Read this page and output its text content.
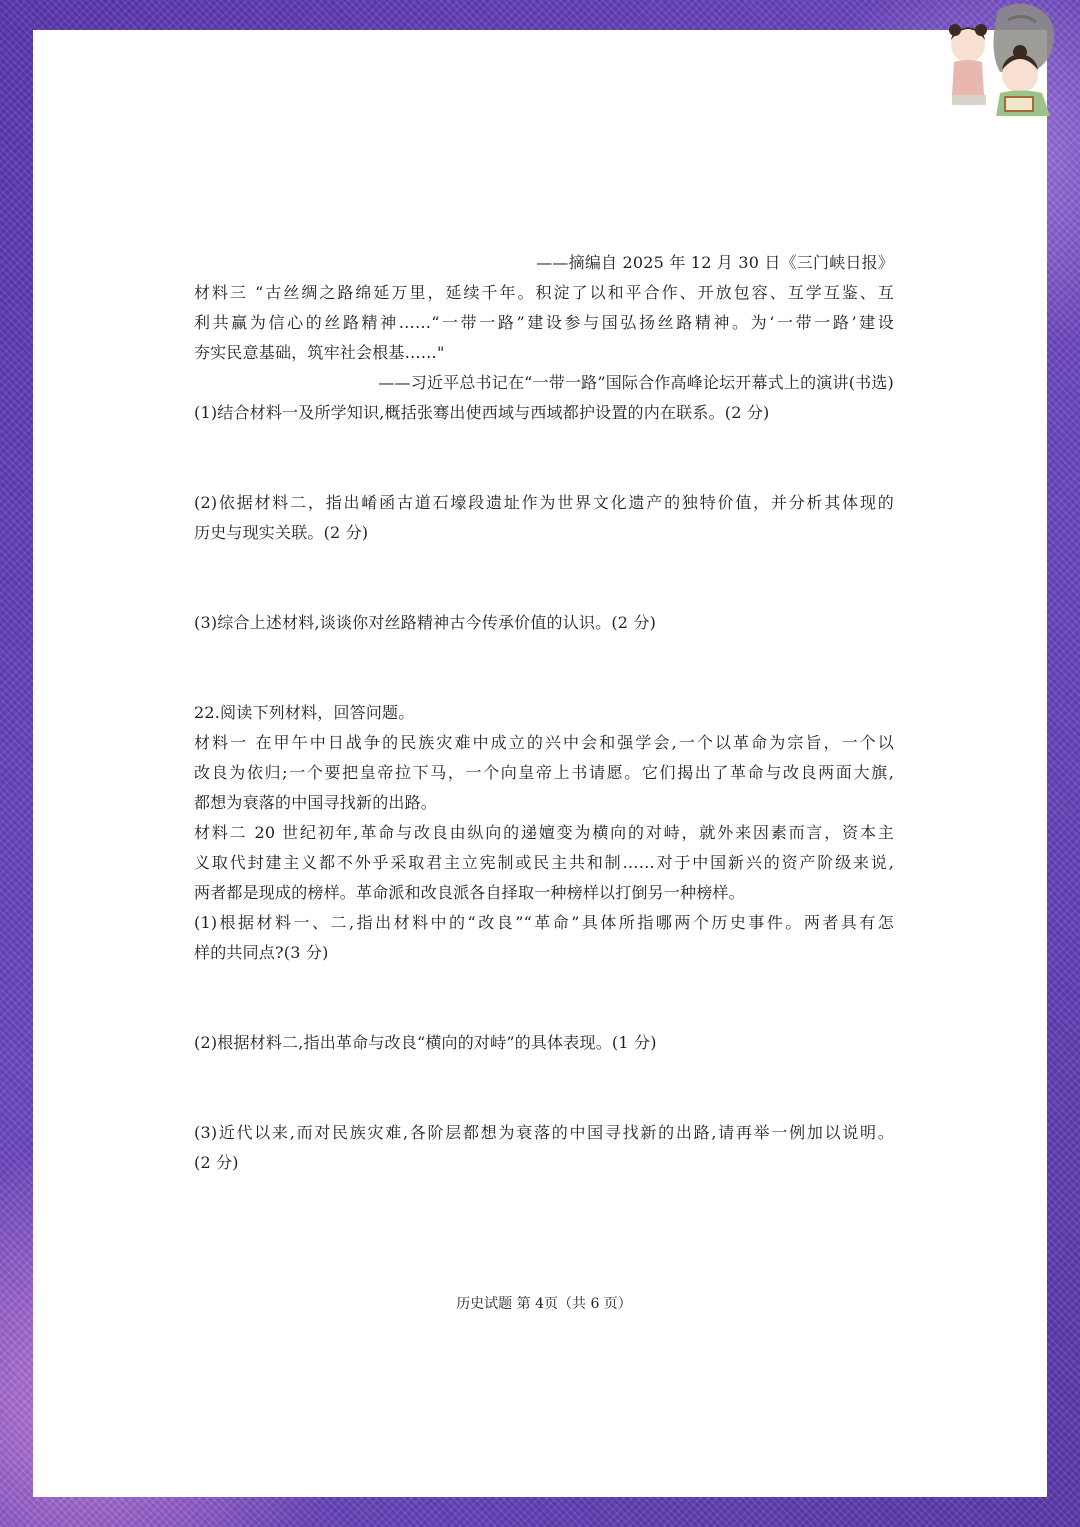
——摘编自 2025 年 12 月 30 日《三门峡日报》
材料三 “古丝绸之路绵延万里，延续千年。积淀了以和平合作、开放包容、互学互鉴、互
利共赢为信心的丝路精神……“一带一路”建设参与国弘扬丝路精神。为‘一带一路’建设
夯实民意基础，筑牢社会根基……"
——习近平总书记在“一带一路”国际合作高峰论坛开幕式上的演讲(书选)
(1)结合材料一及所学知识,概括张骞出使西域与西域都护设置的内在联系。(2 分)
(2)依据材料二，指出崤函古道石壕段遗址作为世界文化遗产的独特价值，并分析其体现的
历史与现实关联。(2 分)
(3)综合上述材料,谈谈你对丝路精神古今传承价值的认识。(2 分)
22.阅读下列材料，回答问题。
材料一 在甲午中日战争的民族灾难中成立的兴中会和强学会,一个以革命为宗旨，一个以
改良为依归;一个要把皇帝拉下马，一个向皇帝上书请愿。它们揭出了革命与改良两面大旗,
都想为衰落的中国寻找新的出路。
材料二 20 世纪初年,革命与改良由纵向的递嬗变为横向的对峙，就外来因素而言，资本主
义取代封建主义都不外乎采取君主立宪制或民主共和制……对于中国新兴的资产阶级来说,
两者都是现成的榜样。革命派和改良派各自择取一种榜样以打倒另一种榜样。
(1)根据材料一、二,指出材料中的“改良”“革命”具体所指哪两个历史事件。两者具有怎
样的共同点?(3 分)
(2)根据材料二,指出革命与改良“横向的对峙”的具体表现。(1 分)
(3)近代以来,而对民族灾难,各阶层都想为衰落的中国寻找新的出路,请再举一例加以说明。
(2 分)
历史试题 第 4页（共 6 页）
